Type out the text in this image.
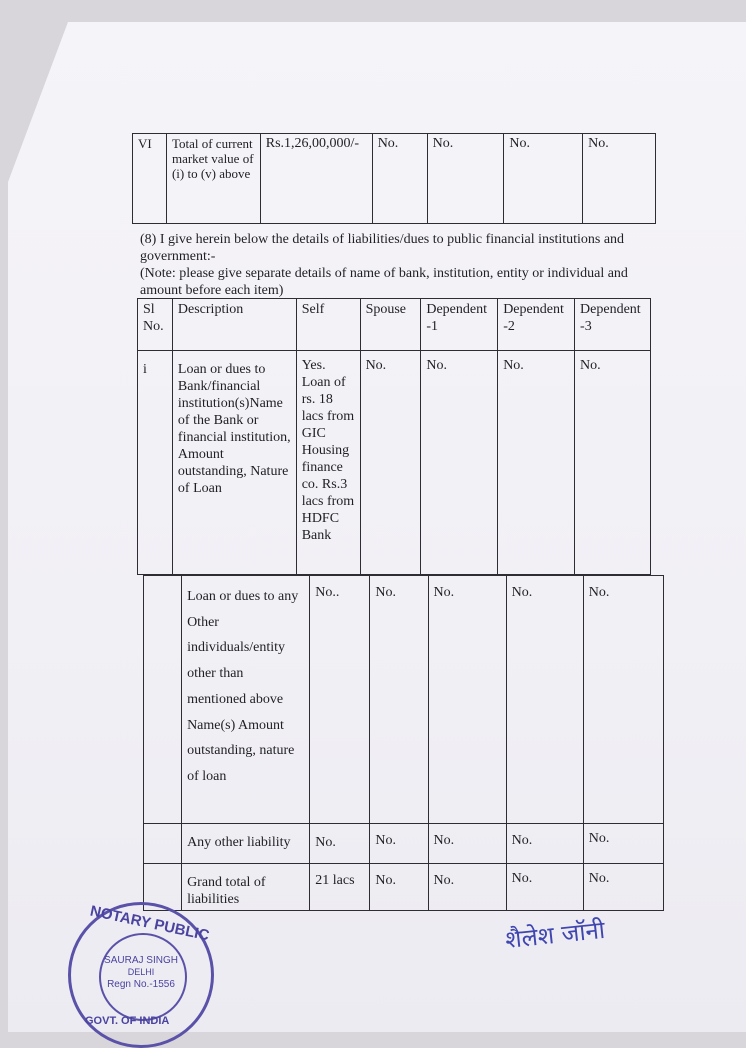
VI	Total of current market value of (i) to (v) above	Rs.1,26,00,000/-	No.	No.	No.	No.
(8) I give herein below the details of liabilities/dues to public financial institutions and government:-
(Note: please give separate details of name of bank, institution, entity or individual and amount before each item)
Sl No.	Description	Self	Spouse	Dependent -1	Dependent -2	Dependent -3
i	Loan or dues to Bank/financial institution(s)Name of the Bank or financial institution, Amount outstanding, Nature of Loan	Yes. Loan of rs. 18 lacs from GIC Housing finance co. Rs.3 lacs from HDFC Bank	No.	No.	No.	No.
	Loan or dues to any Other individuals/entity other than mentioned above Name(s) Amount outstanding, nature of loan	No..	No.	No.	No.	No.
	Any other liability	No.	No.	No.	No.	No.
	Grand total of liabilities	21 lacs	No.	No.	No.	No.
NOTARY PUBLIC
SAURAJ SINGH
DELHI
Regn No.-1556
GOVT. OF INDIA
शैलेश जॉनी
